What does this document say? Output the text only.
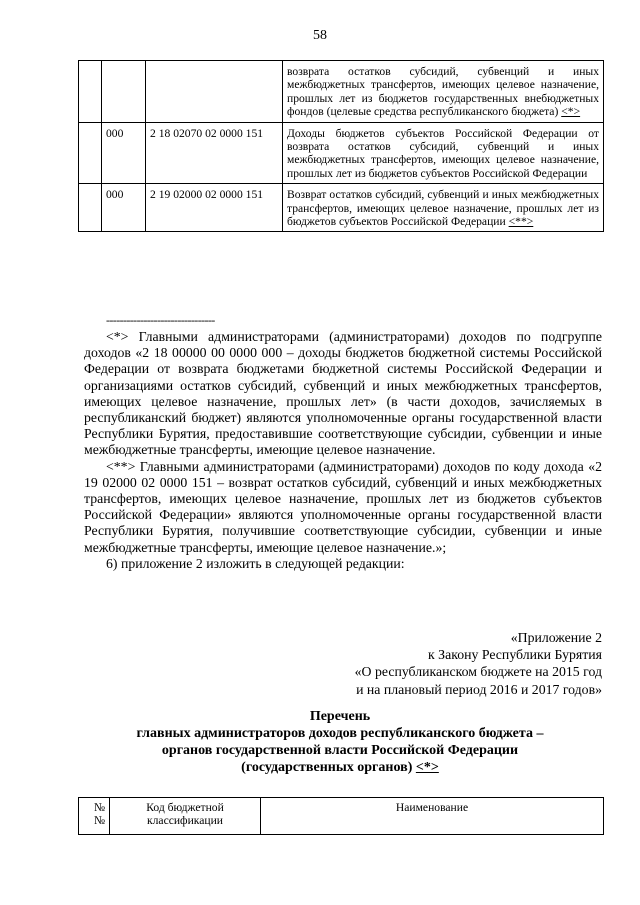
58
			возврата остатков субсидий, субвенций и иных межбюджетных трансфертов, имеющих целевое назначение, прошлых лет из бюджетов государственных внебюджетных фондов (целевые средства республиканского бюджета) <*>
	000	2 18 02070 02 0000 151	Доходы бюджетов субъектов Российской Федерации от возврата остатков субсидий, субвенций и иных межбюджетных трансфертов, имеющих целевое назначение, прошлых лет из бюджетов субъектов Российской Федерации
	000	2 19 02000 02 0000 151	Возврат остатков субсидий, субвенций и иных межбюджетных трансфертов, имеющих целевое назначение, прошлых лет из бюджетов субъектов Российской Федерации <**>
--------------------------------

<*> Главными администраторами (администраторами) доходов по подгруппе доходов «2 18 00000 00 0000 000 – доходы бюджетов бюджетной системы Российской Федерации от возврата бюджетами бюджетной системы Российской Федерации и организациями остатков субсидий, субвенций и иных межбюджетных трансфертов, имеющих целевое назначение, прошлых лет» (в части доходов, зачисляемых в республиканский бюджет) являются уполномоченные органы государственной власти Республики Бурятия, предоставившие соответствующие субсидии, субвенции и иные межбюджетные трансферты, имеющие целевое назначение.

<**> Главными администраторами (администраторами) доходов по коду дохода «2 19 02000 02 0000 151 – возврат остатков субсидий, субвенций и иных межбюджетных трансфертов, имеющих целевое назначение, прошлых лет из бюджетов субъектов Российской Федерации» являются уполномоченные органы государственной власти Республики Бурятия, получившие соответствующие субсидии, субвенции и иные межбюджетные трансферты, имеющие целевое назначение.»;

6) приложение 2 изложить в следующей редакции:

«Приложение 2
к Закону Республики Бурятия
«О республиканском бюджете на 2015 год
и на плановый период 2016 и 2017 годов»
Перечень
главных администраторов доходов республиканского бюджета –
органов государственной власти Российской Федерации
(государственных органов) <*>
№ №	Код бюджетной классификации	Наименование
